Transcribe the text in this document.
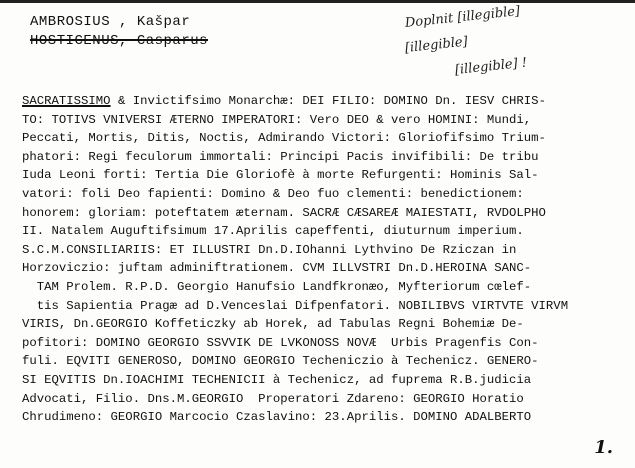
AMBROSIUS , Kašpar
HOSTICENUS, Casparus
Doplnit [illegible]
[illegible]
[illegible] !
SACRATISSIMO & Invictifsimo Monarchæ: DEI FILIO: DOMINO Dn. IESV CHRIS-
TO: TOTIVS VNIVERSI ÆTERNO IMPERATORI: Vero DEO & vero HOMINI: Mundi,
Peccati, Mortis, Ditis, Noctis, Admirando Victori: Gloriofifsimo Trium-
phatori: Regi feculorum immortali: Principi Pacis invifibili: De tribu
Iuda Leoni forti: Tertia Die Gloriofè à morte Refurgenti: Hominis Sal-
vatori: foli Deo fapienti: Domino & Deo fuo clementi: benedictionem:
honorem: gloriam: poteftatem æternam. SACRÆ CÆSAREÆ MAIESTATI, RVDOLPHO
II. Natalem Auguftifsimum 17.Aprilis capeffenti, diuturnum imperium.
S.C.M.CONSILIARIIS: ET ILLUSTRI Dn.D.IOhanni Lythvino De Rziczan in
Horzoviczio: juftam adminiftrationem. CVM ILLVSTRI Dn.D.HEROINA SANC-
TAM Prolem. R.P.D. Georgio Hanufsio Landfkronæo, Myfteriorum cœlef-
tis Sapientia Pragæ ad D.Venceslai Difpenfatori. NOBILIBVS VIRTVTE VIRVM
VIRIS, Dn.GEORGIO Koffeticzky ab Horek, ad Tabulas Regni Bohemiæ De-
pofitori: DOMINO GEORGIO SSVVIK DE LVKONOSS NOVÆ  Urbis Pragenfis Con-
fuli. EQVITI GENEROSO, DOMINO GEORGIO Techeniczio à Techenicz. GENERO-
SI EQVITIS Dn.IOACHIMI TECHENICII à Techenicz, ad fuprema R.B.judicia
Advocati, Filio. Dns.M.GEORGIO  Properatori Zdareno: GEORGIO Horatio
Chrudimeno: GEORGIO Marcocio Czaslavino: 23.Aprilis. DOMINO ADALBERTO
1.
